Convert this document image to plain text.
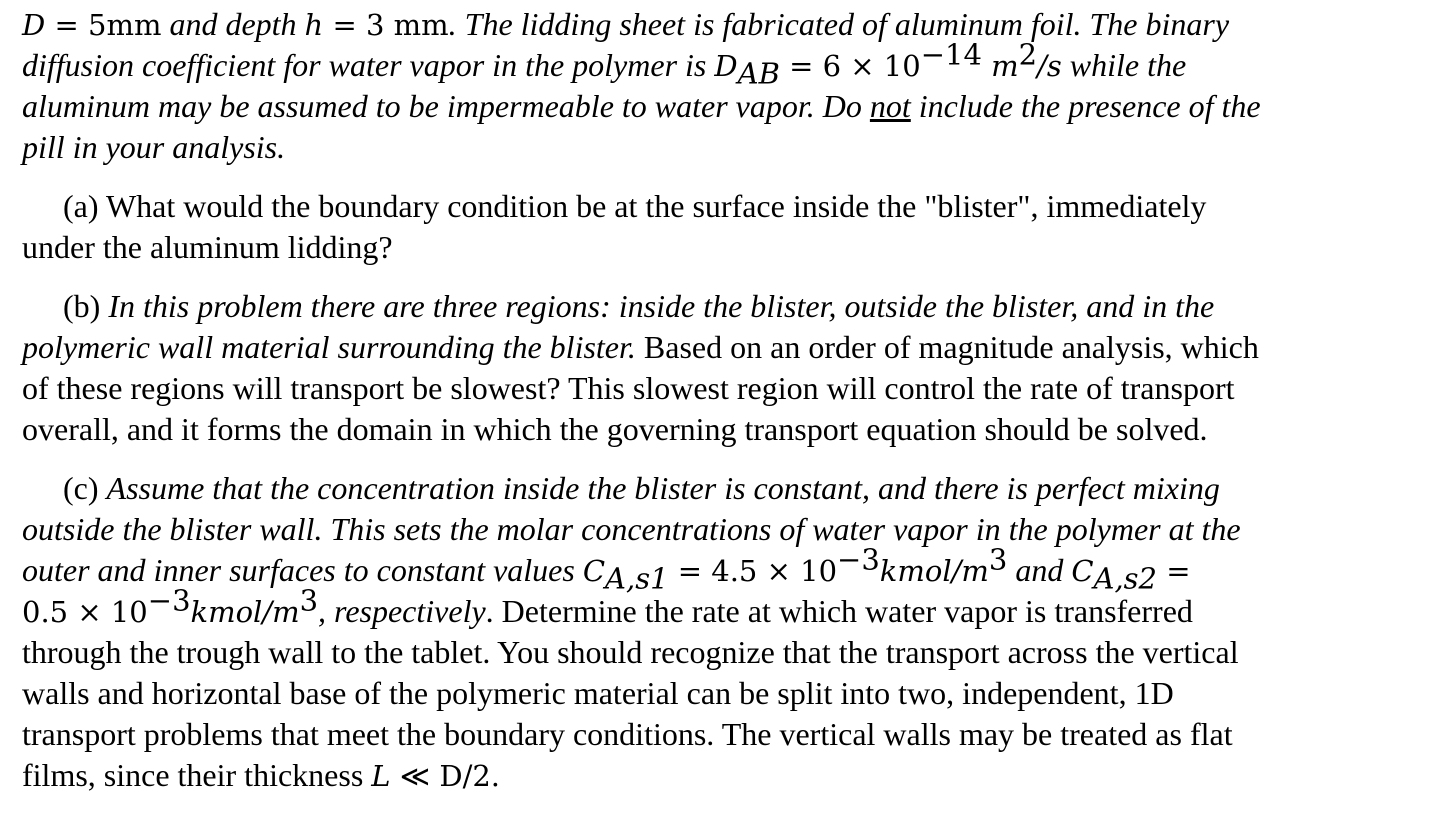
D = 5mm and depth h = 3 mm. The lidding sheet is fabricated of aluminum foil. The binary
diffusion coefficient for water vapor in the polymer is $D_{AB} = 6 \times 10^{-14}$ $m^2/s$ while the
aluminum may be assumed to be impermeable to water vapor. Do not include the presence of the
pill in your analysis.
(a) What would the boundary condition be at the surface inside the "blister", immediately
under the aluminum lidding?
(b) In this problem there are three regions: inside the blister, outside the blister, and in the
polymeric wall material surrounding the blister. Based on an order of magnitude analysis, which
of these regions will transport be slowest? This slowest region will control the rate of transport
overall, and it forms the domain in which the governing transport equation should be solved.
(c) Assume that the concentration inside the blister is constant, and there is perfect mixing
outside the blister wall. This sets the molar concentrations of water vapor in the polymer at the
outer and inner surfaces to constant values $C_{A,s1} = 4.5$ × $10^{-3}kmol/m^3$ and $C_{A,s2}$ =
$0.5 \times 10^{-3}kmol/m^3$, respectively. Determine the rate at which water vapor is transferred
through the trough wall to the tablet. You should recognize that the transport across the vertical
walls and horizontal base of the polymeric material can be split into two, independent, 1D
transport problems that meet the boundary conditions. The vertical walls may be treated as flat
films, since their thickness L ≪ D/2.
